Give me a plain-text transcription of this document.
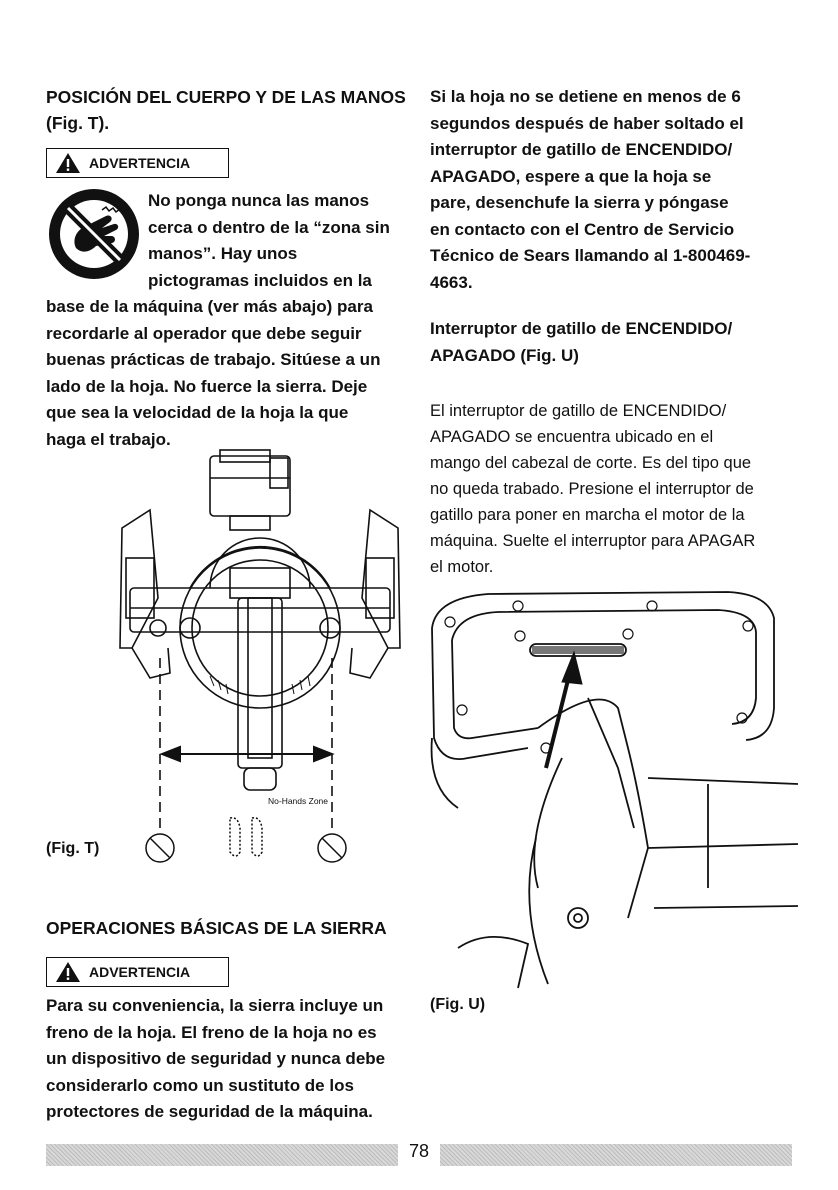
POSICIÓN DEL CUERPO Y DE LAS MANOS (Fig. T).
ADVERTENCIA
No ponga nunca las manos
cerca o dentro de la “zona sin
manos”. Hay unos
pictogramas incluidos en la
base de la máquina (ver más abajo) para
recordarle al operador que debe seguir
buenas prácticas de trabajo. Sitúese a un
lado de la hoja. No fuerce la sierra. Deje
que sea la velocidad de la hoja la que
haga el trabajo.
No-Hands Zone
(Fig. T)
OPERACIONES BÁSICAS DE LA SIERRA
ADVERTENCIA
Para su conveniencia, la sierra incluye un
freno de la hoja. El freno de la hoja no es
un dispositivo de seguridad y nunca debe
considerarlo como un sustituto de los
protectores de seguridad de la máquina.
Si la hoja no se detiene en menos de 6
segundos después de haber soltado el
interruptor de gatillo de ENCENDIDO/
APAGADO, espere a que la hoja se
pare, desenchufe la sierra y póngase
en contacto con el Centro de Servicio
Técnico de Sears llamando al 1-800469-
4663.
Interruptor de gatillo de ENCENDIDO/
APAGADO (Fig. U)
El interruptor de gatillo de ENCENDIDO/
APAGADO se encuentra ubicado en el
mango del cabezal de corte. Es del tipo que
no queda trabado. Presione el interruptor de
gatillo para poner en marcha el motor de la
máquina. Suelte el interruptor para APAGAR
el motor.
(Fig. U)
78
